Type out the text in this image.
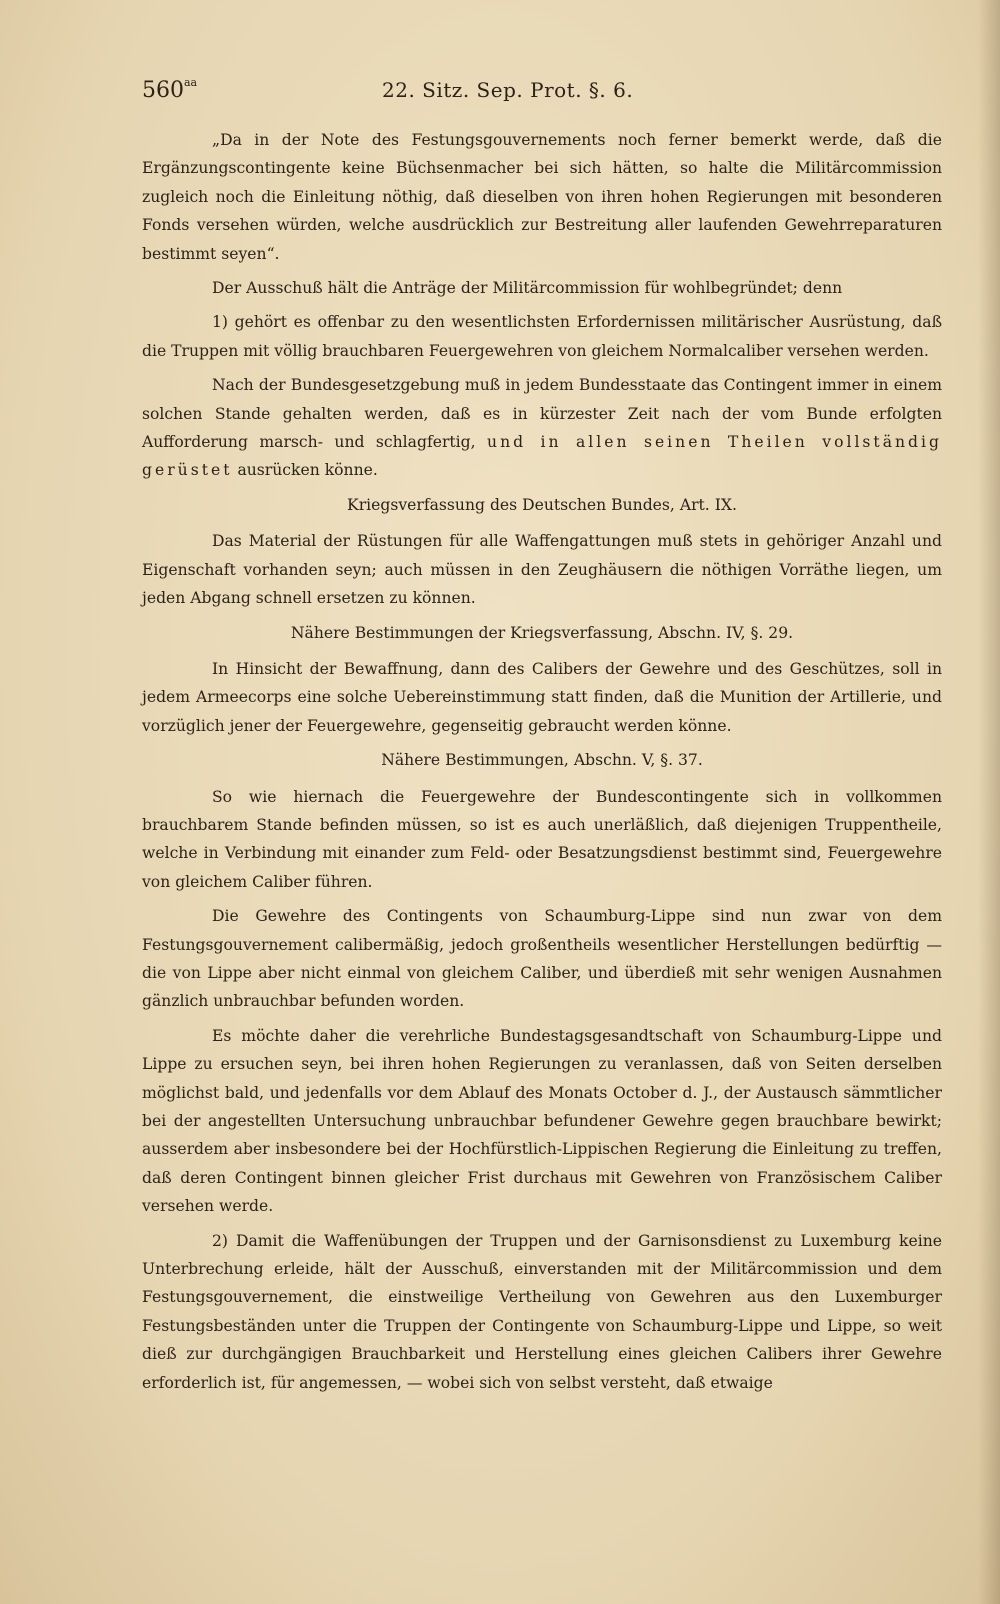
$560^{aa}$	22. Sitz. Sep. Prot. §. 6.

„Da in der Note des Festungsgouvernements noch ferner bemerkt werde, daß die Ergänzungscontingente keine Büchsenmacher bei sich hätten, so halte die Militärcommission zugleich noch die Einleitung nöthig, daß dieselben von ihren hohen Regierungen mit besonderen Fonds versehen würden, welche ausdrücklich zur Bestreitung aller laufenden Gewehrreparaturen bestimmt seyen“.

Der Ausschuß hält die Anträge der Militärcommission für wohlbegründet; denn

1) gehört es offenbar zu den wesentlichsten Erfordernissen militärischer Ausrüstung, daß die Truppen mit völlig brauchbaren Feuergewehren von gleichem Normalcaliber versehen werden.

Nach der Bundesgesetzgebung muß in jedem Bundesstaate das Contingent immer in einem solchen Stande gehalten werden, daß es in kürzester Zeit nach der vom Bunde erfolgten Aufforderung marsch- und schlagfertig, und in allen seinen Theilen vollständig gerüstet ausrücken könne.

Kriegsverfassung des Deutschen Bundes, Art. IX.

Das Material der Rüstungen für alle Waffengattungen muß stets in gehöriger Anzahl und Eigenschaft vorhanden seyn; auch müssen in den Zeughäusern die nöthigen Vorräthe liegen, um jeden Abgang schnell ersetzen zu können.

Nähere Bestimmungen der Kriegsverfassung, Abschn. IV, §. 29.

In Hinsicht der Bewaffnung, dann des Calibers der Gewehre und des Geschützes, soll in jedem Armeecorps eine solche Uebereinstimmung statt finden, daß die Munition der Artillerie, und vorzüglich jener der Feuergewehre, gegenseitig gebraucht werden könne.

Nähere Bestimmungen, Abschn. V, §. 37.

So wie hiernach die Feuergewehre der Bundescontingente sich in vollkommen brauchbarem Stande befinden müssen, so ist es auch unerläßlich, daß diejenigen Truppentheile, welche in Verbindung mit einander zum Feld- oder Besatzungsdienst bestimmt sind, Feuergewehre von gleichem Caliber führen.

Die Gewehre des Contingents von Schaumburg-Lippe sind nun zwar von dem Festungsgouvernement calibermäßig, jedoch großentheils wesentlicher Herstellungen bedürftig — die von Lippe aber nicht einmal von gleichem Caliber, und überdieß mit sehr wenigen Ausnahmen gänzlich unbrauchbar befunden worden.

Es möchte daher die verehrliche Bundestagsgesandtschaft von Schaumburg-Lippe und Lippe zu ersuchen seyn, bei ihren hohen Regierungen zu veranlassen, daß von Seiten derselben möglichst bald, und jedenfalls vor dem Ablauf des Monats October d. J., der Austausch sämmtlicher bei der angestellten Untersuchung unbrauchbar befundener Gewehre gegen brauchbare bewirkt; ausserdem aber insbesondere bei der Hochfürstlich-Lippischen Regierung die Einleitung zu treffen, daß deren Contingent binnen gleicher Frist durchaus mit Gewehren von Französischem Caliber versehen werde.

2) Damit die Waffenübungen der Truppen und der Garnisonsdienst zu Luxemburg keine Unterbrechung erleide, hält der Ausschuß, einverstanden mit der Militärcommission und dem Festungsgouvernement, die einstweilige Vertheilung von Gewehren aus den Luxemburger Festungsbeständen unter die Truppen der Contingente von Schaumburg-Lippe und Lippe, so weit dieß zur durchgängigen Brauchbarkeit und Herstellung eines gleichen Calibers ihrer Gewehre erforderlich ist, für angemessen, — wobei sich von selbst versteht, daß etwaige
